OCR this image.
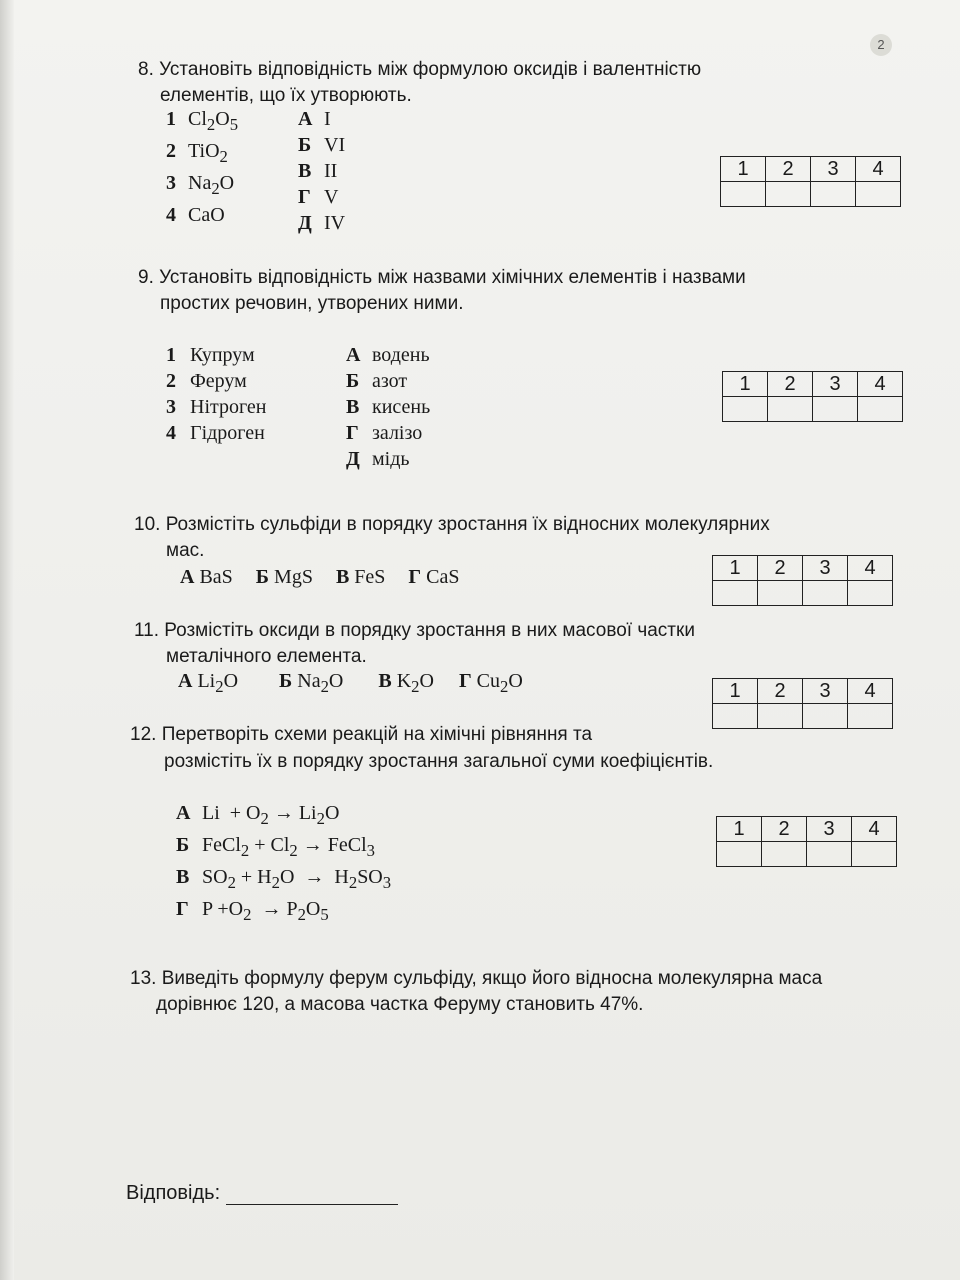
2
8. Установіть відповідність між формулою оксидів і валентністю
елементів, що їх утворюють.
1 $Cl_2O_5$
2 TiO$_2$
3 $Na_2O$
4 CaO
А I
Б VI
В II
Г V
Д IV
1	2	3	4

9. Установіть відповідність між назвами хімічних елементів і назвами
простих речовин, утворених ними.
1 Купрум
2 Ферум
3 Нітроген
4 Гідроген
А водень
Б азот
В кисень
Г залізо
Д мідь
1	2	3	4

10. Розмістіть сульфіди в порядку зростання їх відносних молекулярних
мас.
А BaS Б MgS В FeS Г CaS	1	2	3	4

11. Розмістіть оксиди в порядку зростання в них масової частки
металічного елемента.
А $Li_2O$ Б $Na_2O$ В $K_2O$ Г $Cu_2O$	1	2	3	4

12. Перетворіть схеми реакцій на хімічні рівняння та
розмістіть їх в порядку зростання загальної суми коефіцієнтів.
А $Li + O_2 \to Li_2O$
Б FeCl$_2$ + $Cl_2$ → FeCl$_3$
В $SO_2 + H_2O \to H_2SO_3$
Г $P +O_2 \to P_2O_5$
1	2	3	4

13. Виведіть формулу ферум сульфіду, якщо його відносна молекулярна маса
дорівнює 120, а масова частка Феруму становить 47%.
Відповідь:
